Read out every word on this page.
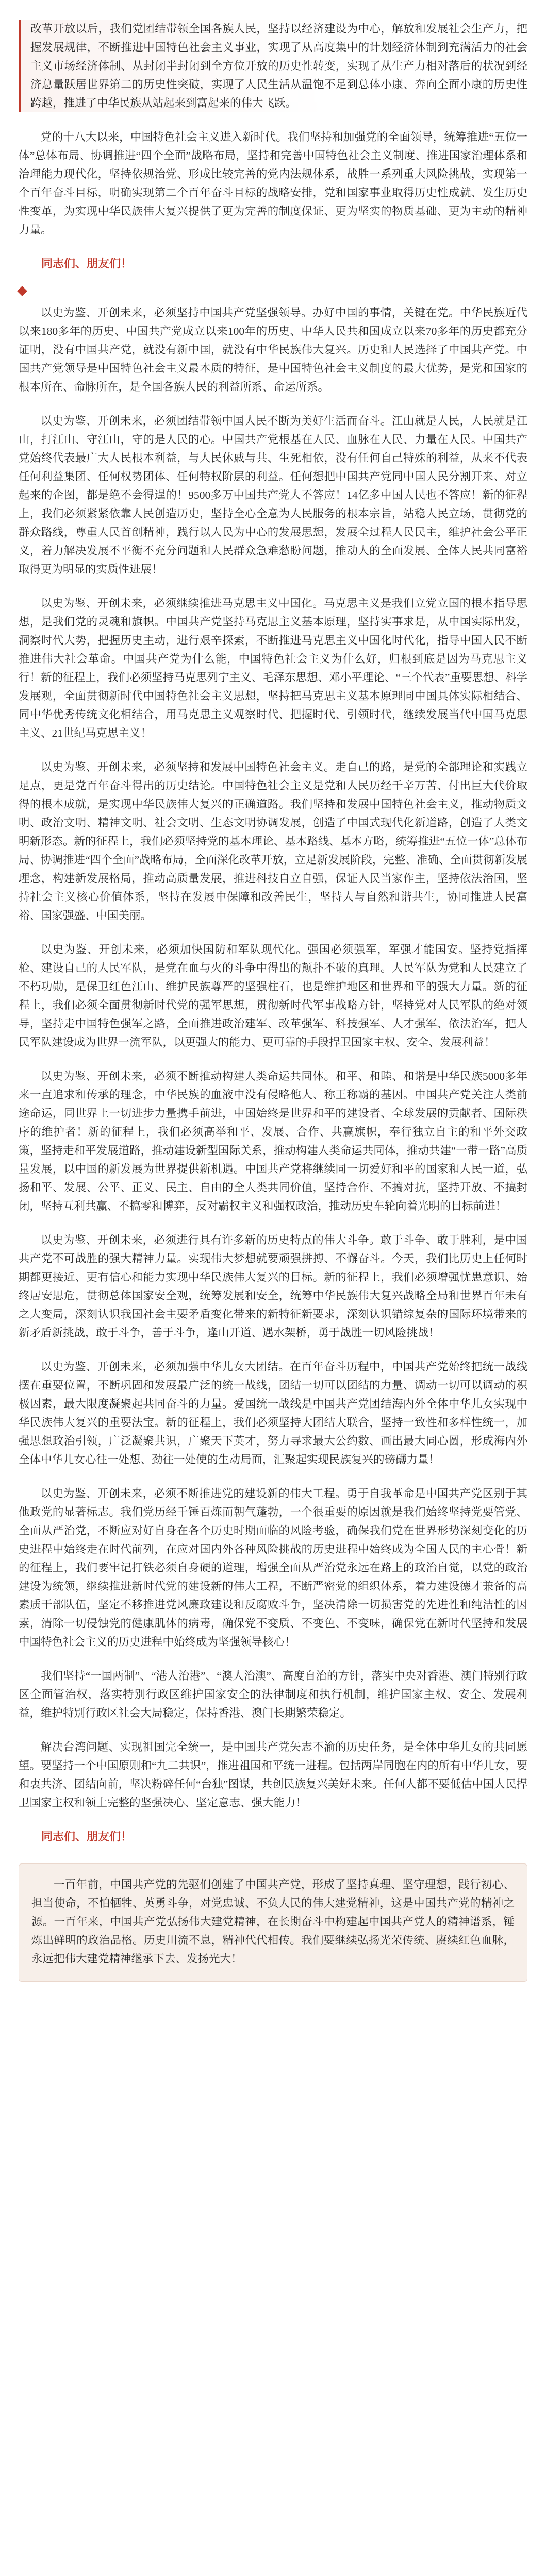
改革开放以后，我们党团结带领全国各族人民，坚持以经济建设为中心，解放和发展社会生产力，把握发展规律，不断推进中国特色社会主义事业，实现了从高度集中的计划经济体制到充满活力的社会主义市场经济体制、从封闭半封闭到全方位开放的历史性转变，实现了从生产力相对落后的状况到经济总量跃居世界第二的历史性突破，实现了人民生活从温饱不足到总体小康、奔向全面小康的历史性跨越，推进了中华民族从站起来到富起来的伟大飞跃。

党的十八大以来，中国特色社会主义进入新时代。我们坚持和加强党的全面领导，统筹推进“五位一体”总体布局、协调推进“四个全面”战略布局，坚持和完善中国特色社会主义制度、推进国家治理体系和治理能力现代化，坚持依规治党、形成比较完善的党内法规体系，战胜一系列重大风险挑战，实现第一个百年奋斗目标，明确实现第二个百年奋斗目标的战略安排，党和国家事业取得历史性成就、发生历史性变革，为实现中华民族伟大复兴提供了更为完善的制度保证、更为坚实的物质基础、更为主动的精神力量。

同志们、朋友们！

以史为鉴、开创未来，必须坚持中国共产党坚强领导。办好中国的事情，关键在党。中华民族近代以来180多年的历史、中国共产党成立以来100年的历史、中华人民共和国成立以来70多年的历史都充分证明，没有中国共产党，就没有新中国，就没有中华民族伟大复兴。历史和人民选择了中国共产党。中国共产党领导是中国特色社会主义最本质的特征，是中国特色社会主义制度的最大优势，是党和国家的根本所在、命脉所在，是全国各族人民的利益所系、命运所系。

以史为鉴、开创未来，必须团结带领中国人民不断为美好生活而奋斗。江山就是人民，人民就是江山，打江山、守江山，守的是人民的心。中国共产党根基在人民、血脉在人民、力量在人民。中国共产党始终代表最广大人民根本利益，与人民休戚与共、生死相依，没有任何自己特殊的利益，从来不代表任何利益集团、任何权势团体、任何特权阶层的利益。任何想把中国共产党同中国人民分割开来、对立起来的企图，都是绝不会得逞的！9500多万中国共产党人不答应！14亿多中国人民也不答应！新的征程上，我们必须紧紧依靠人民创造历史，坚持全心全意为人民服务的根本宗旨，站稳人民立场，贯彻党的群众路线，尊重人民首创精神，践行以人民为中心的发展思想，发展全过程人民民主，维护社会公平正义，着力解决发展不平衡不充分问题和人民群众急难愁盼问题，推动人的全面发展、全体人民共同富裕取得更为明显的实质性进展！

以史为鉴、开创未来，必须继续推进马克思主义中国化。马克思主义是我们立党立国的根本指导思想，是我们党的灵魂和旗帜。中国共产党坚持马克思主义基本原理，坚持实事求是，从中国实际出发，洞察时代大势，把握历史主动，进行艰辛探索，不断推进马克思主义中国化时代化，指导中国人民不断推进伟大社会革命。中国共产党为什么能，中国特色社会主义为什么好，归根到底是因为马克思主义行！新的征程上，我们必须坚持马克思列宁主义、毛泽东思想、邓小平理论、“三个代表”重要思想、科学发展观，全面贯彻新时代中国特色社会主义思想，坚持把马克思主义基本原理同中国具体实际相结合、同中华优秀传统文化相结合，用马克思主义观察时代、把握时代、引领时代，继续发展当代中国马克思主义、21世纪马克思主义！

以史为鉴、开创未来，必须坚持和发展中国特色社会主义。走自己的路，是党的全部理论和实践立足点，更是党百年奋斗得出的历史结论。中国特色社会主义是党和人民历经千辛万苦、付出巨大代价取得的根本成就，是实现中华民族伟大复兴的正确道路。我们坚持和发展中国特色社会主义，推动物质文明、政治文明、精神文明、社会文明、生态文明协调发展，创造了中国式现代化新道路，创造了人类文明新形态。新的征程上，我们必须坚持党的基本理论、基本路线、基本方略，统筹推进“五位一体”总体布局、协调推进“四个全面”战略布局，全面深化改革开放，立足新发展阶段，完整、准确、全面贯彻新发展理念，构建新发展格局，推动高质量发展，推进科技自立自强，保证人民当家作主，坚持依法治国，坚持社会主义核心价值体系，坚持在发展中保障和改善民生，坚持人与自然和谐共生，协同推进人民富裕、国家强盛、中国美丽。

以史为鉴、开创未来，必须加快国防和军队现代化。强国必须强军，军强才能国安。坚持党指挥枪、建设自己的人民军队，是党在血与火的斗争中得出的颠扑不破的真理。人民军队为党和人民建立了不朽功勋，是保卫红色江山、维护民族尊严的坚强柱石，也是维护地区和世界和平的强大力量。新的征程上，我们必须全面贯彻新时代党的强军思想，贯彻新时代军事战略方针，坚持党对人民军队的绝对领导，坚持走中国特色强军之路，全面推进政治建军、改革强军、科技强军、人才强军、依法治军，把人民军队建设成为世界一流军队，以更强大的能力、更可靠的手段捍卫国家主权、安全、发展利益！

以史为鉴、开创未来，必须不断推动构建人类命运共同体。和平、和睦、和谐是中华民族5000多年来一直追求和传承的理念，中华民族的血液中没有侵略他人、称王称霸的基因。中国共产党关注人类前途命运，同世界上一切进步力量携手前进，中国始终是世界和平的建设者、全球发展的贡献者、国际秩序的维护者！新的征程上，我们必须高举和平、发展、合作、共赢旗帜，奉行独立自主的和平外交政策，坚持走和平发展道路，推动建设新型国际关系，推动构建人类命运共同体，推动共建“一带一路”高质量发展，以中国的新发展为世界提供新机遇。中国共产党将继续同一切爱好和平的国家和人民一道，弘扬和平、发展、公平、正义、民主、自由的全人类共同价值，坚持合作、不搞对抗，坚持开放、不搞封闭，坚持互利共赢、不搞零和博弈，反对霸权主义和强权政治，推动历史车轮向着光明的目标前进！

以史为鉴、开创未来，必须进行具有许多新的历史特点的伟大斗争。敢于斗争、敢于胜利，是中国共产党不可战胜的强大精神力量。实现伟大梦想就要顽强拼搏、不懈奋斗。今天，我们比历史上任何时期都更接近、更有信心和能力实现中华民族伟大复兴的目标。新的征程上，我们必须增强忧患意识、始终居安思危，贯彻总体国家安全观，统筹发展和安全，统筹中华民族伟大复兴战略全局和世界百年未有之大变局，深刻认识我国社会主要矛盾变化带来的新特征新要求，深刻认识错综复杂的国际环境带来的新矛盾新挑战，敢于斗争，善于斗争，逢山开道、遇水架桥，勇于战胜一切风险挑战！

以史为鉴、开创未来，必须加强中华儿女大团结。在百年奋斗历程中，中国共产党始终把统一战线摆在重要位置，不断巩固和发展最广泛的统一战线，团结一切可以团结的力量、调动一切可以调动的积极因素，最大限度凝聚起共同奋斗的力量。爱国统一战线是中国共产党团结海内外全体中华儿女实现中华民族伟大复兴的重要法宝。新的征程上，我们必须坚持大团结大联合，坚持一致性和多样性统一，加强思想政治引领，广泛凝聚共识，广聚天下英才，努力寻求最大公约数、画出最大同心圆，形成海内外全体中华儿女心往一处想、劲往一处使的生动局面，汇聚起实现民族复兴的磅礴力量！

以史为鉴、开创未来，必须不断推进党的建设新的伟大工程。勇于自我革命是中国共产党区别于其他政党的显著标志。我们党历经千锤百炼而朝气蓬勃，一个很重要的原因就是我们始终坚持党要管党、全面从严治党，不断应对好自身在各个历史时期面临的风险考验，确保我们党在世界形势深刻变化的历史进程中始终走在时代前列，在应对国内外各种风险挑战的历史进程中始终成为全国人民的主心骨！新的征程上，我们要牢记打铁必须自身硬的道理，增强全面从严治党永远在路上的政治自觉，以党的政治建设为统领，继续推进新时代党的建设新的伟大工程，不断严密党的组织体系，着力建设德才兼备的高素质干部队伍，坚定不移推进党风廉政建设和反腐败斗争，坚决清除一切损害党的先进性和纯洁性的因素，清除一切侵蚀党的健康肌体的病毒，确保党不变质、不变色、不变味，确保党在新时代坚持和发展中国特色社会主义的历史进程中始终成为坚强领导核心！

我们坚持“一国两制”、“港人治港”、“澳人治澳”、高度自治的方针，落实中央对香港、澳门特别行政区全面管治权，落实特别行政区维护国家安全的法律制度和执行机制，维护国家主权、安全、发展利益，维护特别行政区社会大局稳定，保持香港、澳门长期繁荣稳定。

解决台湾问题、实现祖国完全统一，是中国共产党矢志不渝的历史任务，是全体中华儿女的共同愿望。要坚持一个中国原则和“九二共识”，推进祖国和平统一进程。包括两岸同胞在内的所有中华儿女，要和衷共济、团结向前，坚决粉碎任何“台独”图谋，共创民族复兴美好未来。任何人都不要低估中国人民捍卫国家主权和领土完整的坚强决心、坚定意志、强大能力！

同志们、朋友们！

一百年前，中国共产党的先驱们创建了中国共产党，形成了坚持真理、坚守理想，践行初心、担当使命，不怕牺牲、英勇斗争，对党忠诚、不负人民的伟大建党精神，这是中国共产党的精神之源。一百年来，中国共产党弘扬伟大建党精神，在长期奋斗中构建起中国共产党人的精神谱系，锤炼出鲜明的政治品格。历史川流不息，精神代代相传。我们要继续弘扬光荣传统、赓续红色血脉，永远把伟大建党精神继承下去、发扬光大！
